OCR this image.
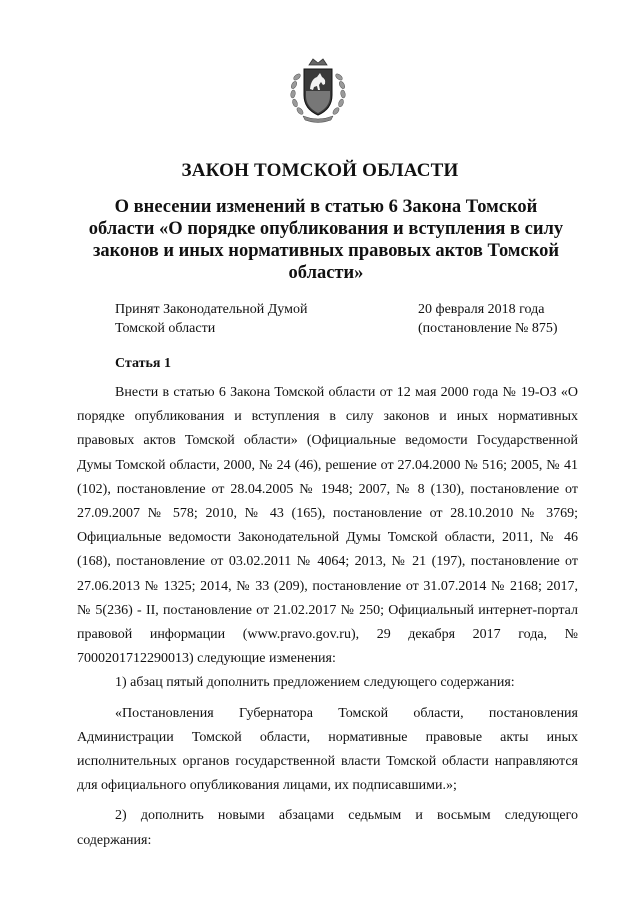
ЗАКОН ТОМСКОЙ ОБЛАСТИ
О внесении изменений в статью 6 Закона Томской
области «О порядке опубликования и вступления в силу
законов и иных нормативных правовых актов Томской
области»
Принят Законодательной Думой
Томской области
20 февраля 2018 года
(постановление № 875)
Статья 1

Внести в статью 6 Закона Томской области от 12 мая 2000 года № 19-ОЗ «О порядке опубликования и вступления в силу законов и иных нормативных правовых актов Томской области» (Официальные ведомости Государственной Думы Томской области, 2000, № 24 (46), решение от 27.04.2000 № 516; 2005, № 41 (102), постановление от 28.04.2005 № 1948; 2007, № 8 (130), постановление от 27.09.2007 № 578; 2010, № 43 (165), постановление от 28.10.2010 № 3769; Официальные ведомости Законодательной Думы Томской области, 2011, № 46 (168), постановление от 03.02.2011 № 4064; 2013, № 21 (197), постановление от 27.06.2013 № 1325; 2014, № 33 (209), постановление от 31.07.2014 № 2168; 2017, № 5(236) - II, постановление от 21.02.2017 № 250; Официальный интернет-портал правовой информации (www.pravo.gov.ru), 29 декабря 2017 года, № 7000201712290013) следующие изменения:

1) абзац пятый дополнить предложением следующего содержания:

«Постановления Губернатора Томской области, постановления Администрации Томской области, нормативные правовые акты иных исполнительных органов государственной власти Томской области направляются для официального опубликования лицами, их подписавшими.»;

2) дополнить новыми абзацами седьмым и восьмым следующего содержания:
